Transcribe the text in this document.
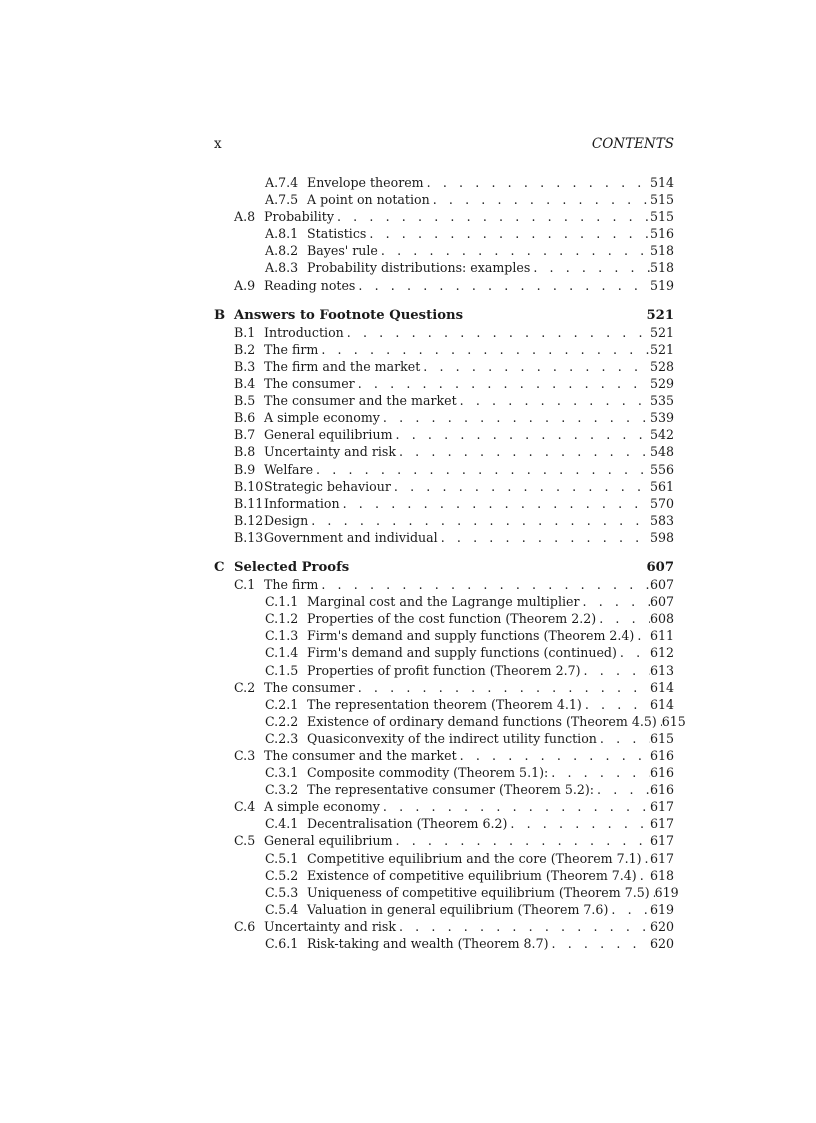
x	CONTENTS
A.7.4 Envelope theorem . . .	514
A.7.5 A point on notation . . .	515
A.8 Probability . . .	515
A.8.1 Statistics . . .	516
A.8.2 Bayes' rule . . .	518
A.8.3 Probability distributions: examples . . .	518
A.9 Reading notes . . .	519
B Answers to Footnote Questions	521
B.1 Introduction . . .	521
B.2 The firm . . .	521
B.3 The firm and the market . . .	528
B.4 The consumer . . .	529
B.5 The consumer and the market . . .	535
B.6 A simple economy . . .	539
B.7 General equilibrium . . .	542
B.8 Uncertainty and risk . . .	548
B.9 Welfare . . .	556
B.10 Strategic behaviour . . .	561
B.11 Information . . .	570
B.12 Design . . .	583
B.13 Government and individual . . .	598
C Selected Proofs	607
C.1 The firm . . .	607
C.1.1 Marginal cost and the Lagrange multiplier . . .	607
C.1.2 Properties of the cost function (Theorem 2.2) . . .	608
C.1.3 Firm's demand and supply functions (Theorem 2.4) . . . 611
C.1.4 Firm's demand and supply functions (continued) . . .	612
C.1.5 Properties of profit function (Theorem 2.7) . . .	613
C.2 The consumer . . .	614
C.2.1 The representation theorem (Theorem 4.1) . . .	614
C.2.2 Existence of ordinary demand functions (Theorem 4.5) . . . 615
C.2.3 Quasiconvexity of the indirect utility function . . .	615
C.3 The consumer and the market . . .	616
C.3.1 Composite commodity (Theorem 5.1): . . .	616
C.3.2 The representative consumer (Theorem 5.2): . . .	616
C.4 A simple economy . . .	617
C.4.1 Decentralisation (Theorem 6.2) . . .	617
C.5 General equilibrium . . .	617
C.5.1 Competitive equilibrium and the core (Theorem 7.1) . . . 617
C.5.2 Existence of competitive equilibrium (Theorem 7.4) . . . 618
C.5.3 Uniqueness of competitive equilibrium (Theorem 7.5) . . . 619
C.5.4 Valuation in general equilibrium (Theorem 7.6) . . .	619
C.6 Uncertainty and risk . . .	620
C.6.1 Risk-taking and wealth (Theorem 8.7) . . .	620
